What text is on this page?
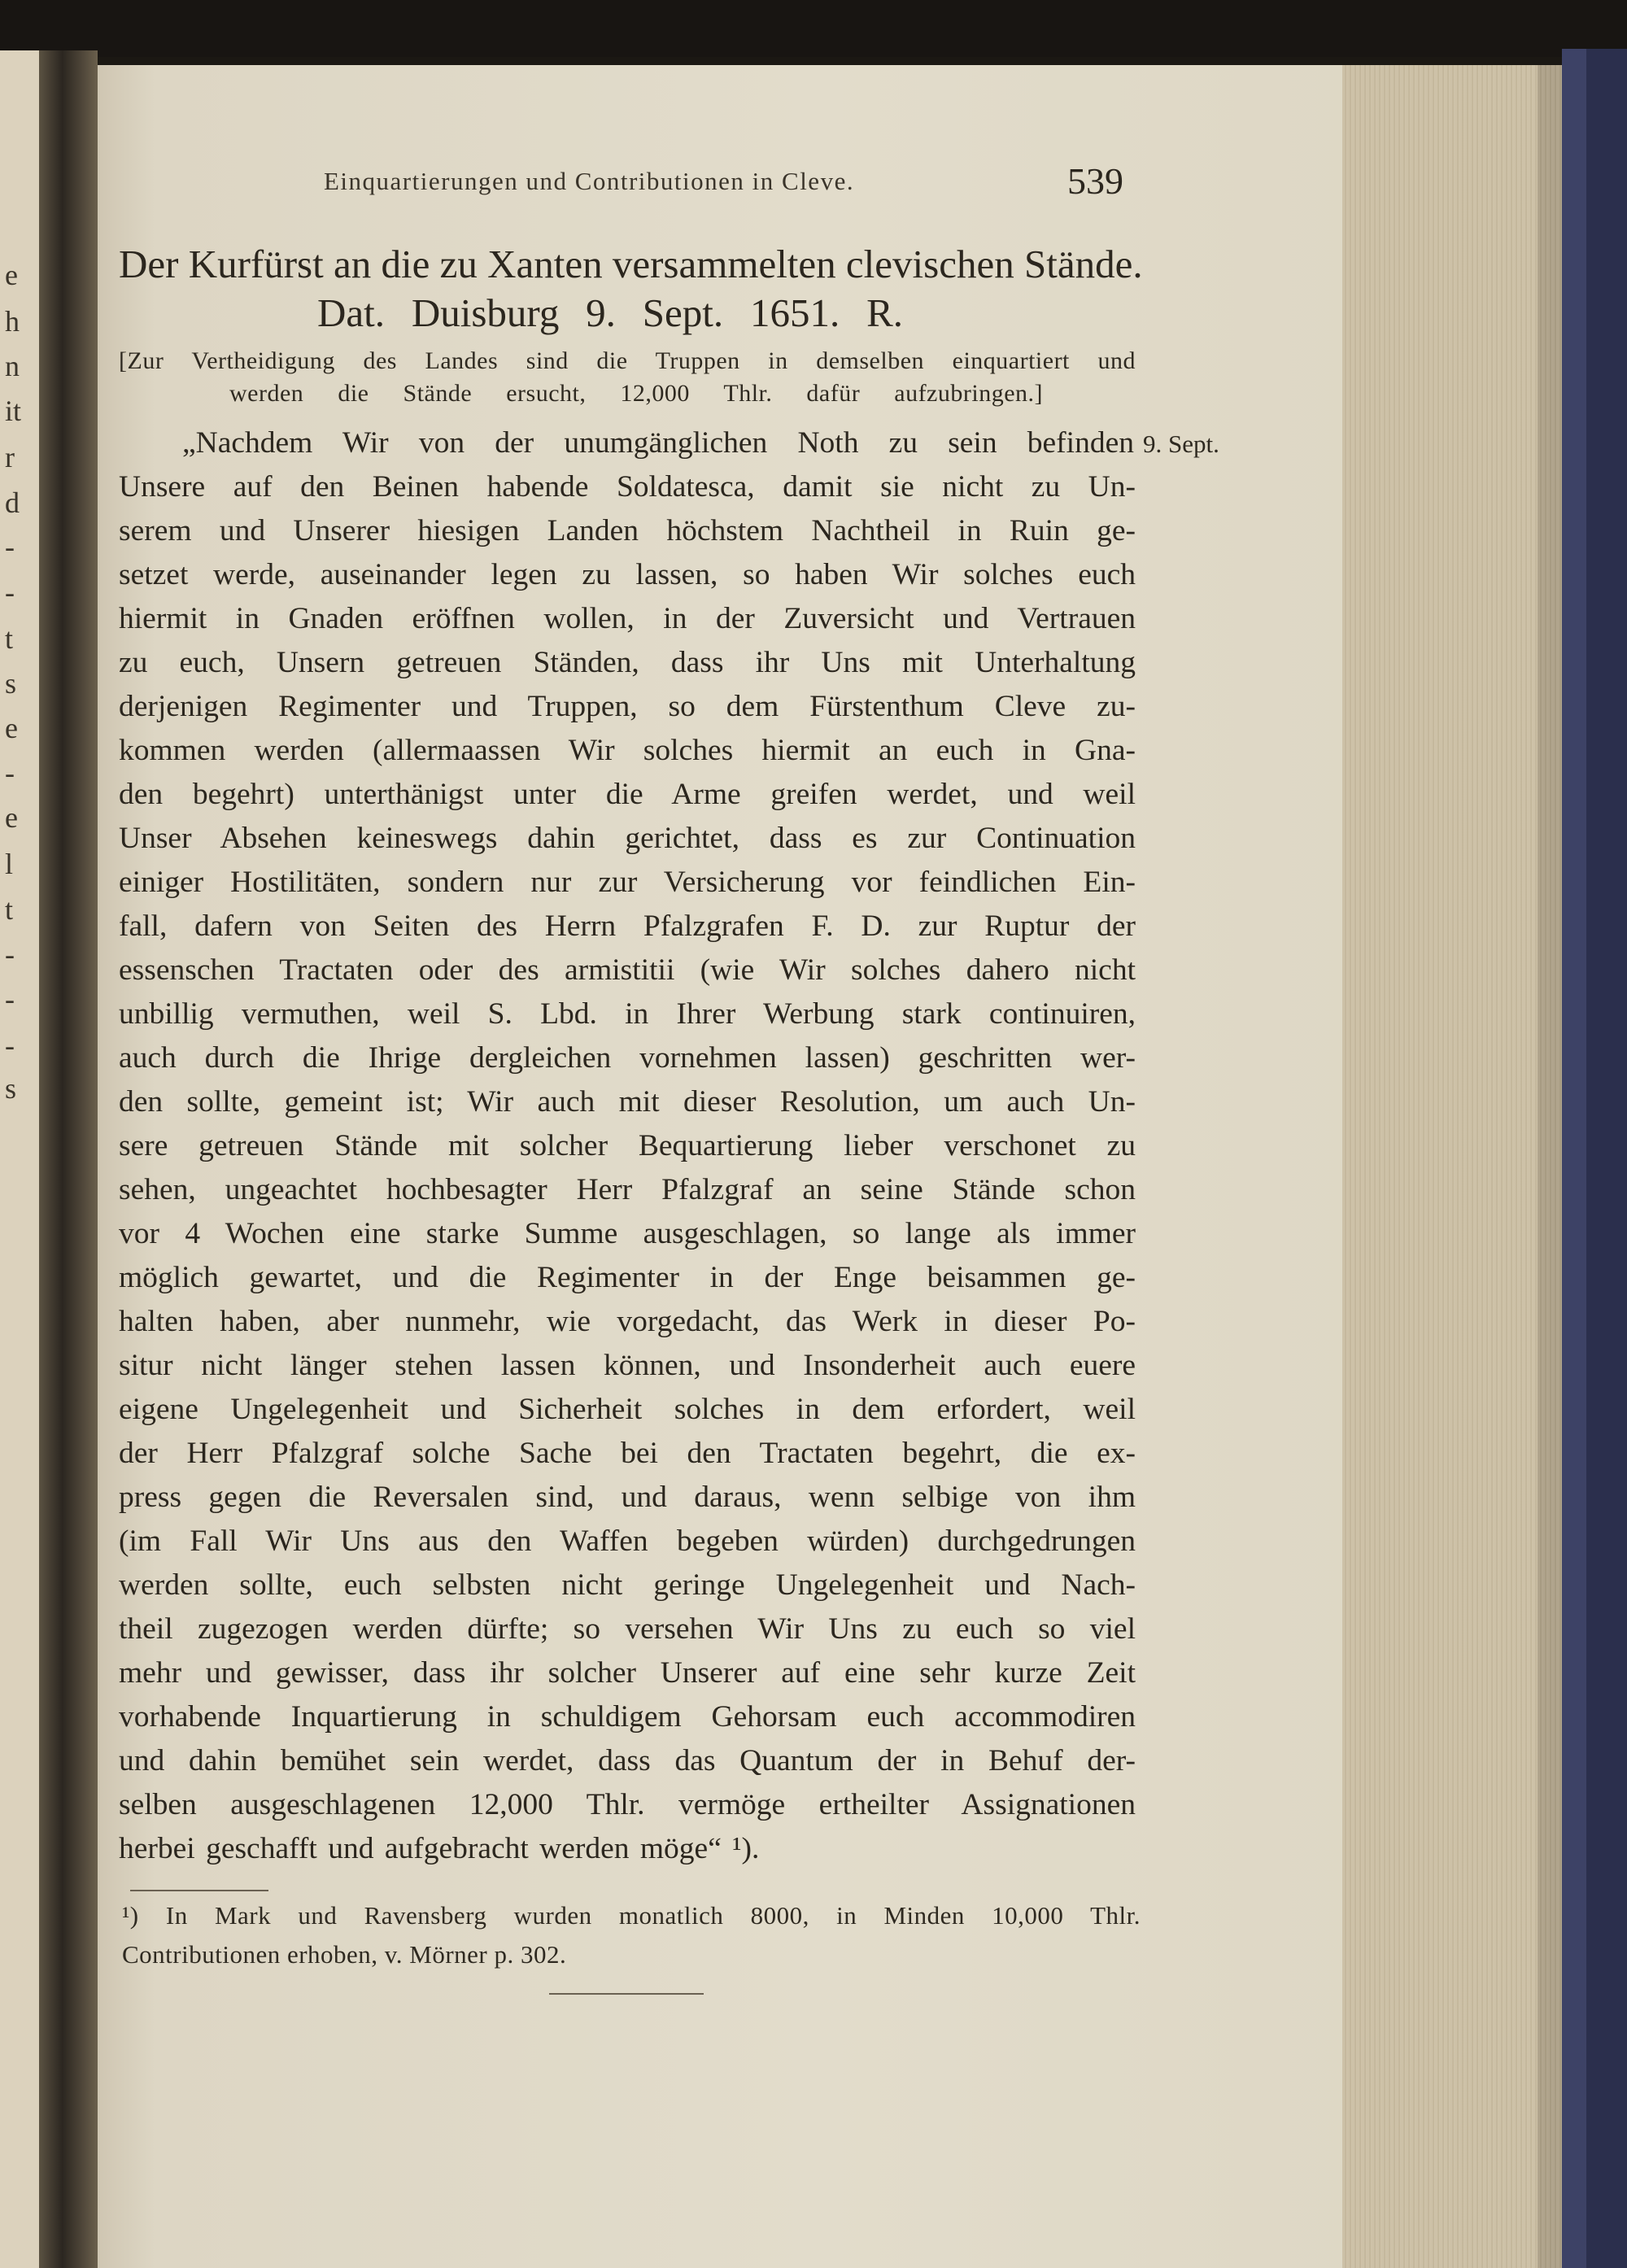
e
h
n
it
r
d
-
-
t
s
e
-
e
l
t
-
-
-
s
Einquartierungen und Contributionen in Cleve.	539
Der Kurfürst an die zu Xanten versammelten clevischen Stände.
Dat. Duisburg 9. Sept. 1651. R.
[Zur Vertheidigung des Landes sind die Truppen in demselben einquartiert und
werden die Stände ersucht, 12,000 Thlr. dafür aufzubringen.]
9. Sept.
„Nachdem Wir von der unumgänglichen Noth zu sein befinden
Unsere auf den Beinen habende Soldatesca, damit sie nicht zu Un-
serem und Unserer hiesigen Landen höchstem Nachtheil in Ruin ge-
setzet werde, auseinander legen zu lassen, so haben Wir solches euch
hiermit in Gnaden eröffnen wollen, in der Zuversicht und Vertrauen
zu euch, Unsern getreuen Ständen, dass ihr Uns mit Unterhaltung
derjenigen Regimenter und Truppen, so dem Fürstenthum Cleve zu-
kommen werden (allermaassen Wir solches hiermit an euch in Gna-
den begehrt) unterthänigst unter die Arme greifen werdet, und weil
Unser Absehen keineswegs dahin gerichtet, dass es zur Continuation
einiger Hostilitäten, sondern nur zur Versicherung vor feindlichen Ein-
fall, dafern von Seiten des Herrn Pfalzgrafen F. D. zur Ruptur der
essenschen Tractaten oder des armistitii (wie Wir solches dahero nicht
unbillig vermuthen, weil S. Lbd. in Ihrer Werbung stark continuiren,
auch durch die Ihrige dergleichen vornehmen lassen) geschritten wer-
den sollte, gemeint ist; Wir auch mit dieser Resolution, um auch Un-
sere getreuen Stände mit solcher Bequartierung lieber verschonet zu
sehen, ungeachtet hochbesagter Herr Pfalzgraf an seine Stände schon
vor 4 Wochen eine starke Summe ausgeschlagen, so lange als immer
möglich gewartet, und die Regimenter in der Enge beisammen ge-
halten haben, aber nunmehr, wie vorgedacht, das Werk in dieser Po-
situr nicht länger stehen lassen können, und Insonderheit auch euere
eigene Ungelegenheit und Sicherheit solches in dem erfordert, weil
der Herr Pfalzgraf solche Sache bei den Tractaten begehrt, die ex-
press gegen die Reversalen sind, und daraus, wenn selbige von ihm
(im Fall Wir Uns aus den Waffen begeben würden) durchgedrungen
werden sollte, euch selbsten nicht geringe Ungelegenheit und Nach-
theil zugezogen werden dürfte; so versehen Wir Uns zu euch so viel
mehr und gewisser, dass ihr solcher Unserer auf eine sehr kurze Zeit
vorhabende Inquartierung in schuldigem Gehorsam euch accommodiren
und dahin bemühet sein werdet, dass das Quantum der in Behuf der-
selben ausgeschlagenen 12,000 Thlr. vermöge ertheilter Assignationen
herbei geschafft und aufgebracht werden möge“ ¹).
¹) In Mark und Ravensberg wurden monatlich 8000, in Minden 10,000 Thlr.
Contributionen erhoben, v. Mörner p. 302.
